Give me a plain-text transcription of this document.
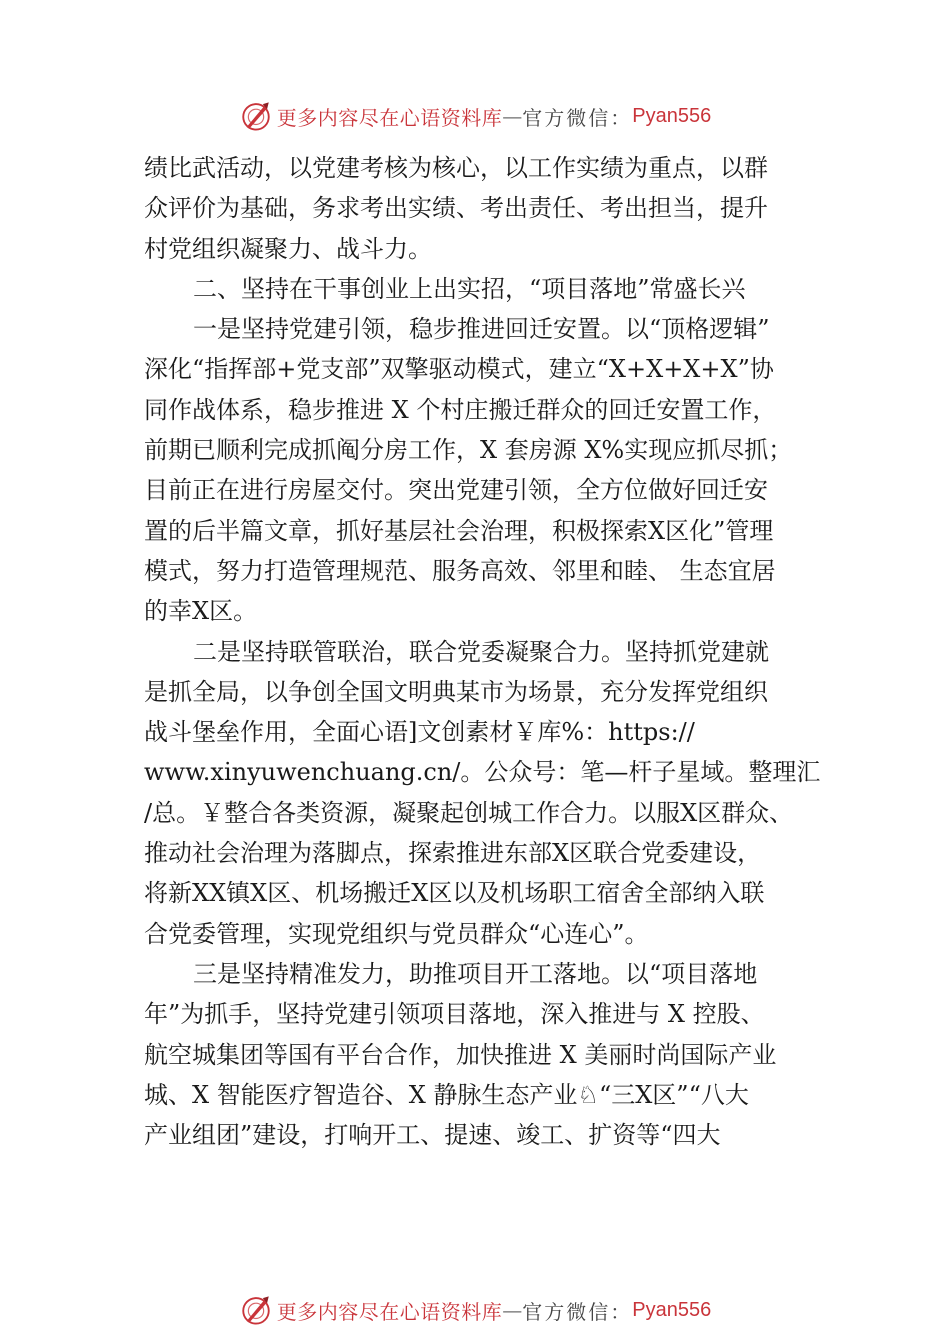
更多内容尽在心语资料库 — 官方微信： Pyan556
绩比武活动，以党建考核为核心，以工作实绩为重点，以群
众评价为基础，务求考出实绩、考出责任、考出担当，提升
村党组织凝聚力、战斗力。
二、坚持在干事创业上出实招，“项目落地”常盛长兴
一是坚持党建引领，稳步推进回迁安置。以“顶格逻辑”
深化“指挥部+党支部”双擎驱动模式，建立“X+X+X+X”协
同作战体系，稳步推进 X 个村庄搬迁群众的回迁安置工作，
前期已顺利完成抓阄分房工作，X 套房源 X%实现应抓尽抓；
目前正在进行房屋交付。突出党建引领，全方位做好回迁安
置的后半篇文章，抓好基层社会治理，积极探索X区化”管理
模式，努力打造管理规范、服务高效、邻里和睦、 生态宜居
的幸X区。
二是坚持联管联治，联合党委凝聚合力。坚持抓党建就
是抓全局，以争创全国文明典某市为场景，充分发挥党组织
战斗堡垒作用，全面心语]文创素材￥库%：https://
www.xinyuwenchuang.cn/。公众号：笔—杆子星域。整理汇
/总。￥整合各类资源，凝聚起创城工作合力。以服X区群众、
推动社会治理为落脚点，探索推进东部X区联合党委建设，
将新XX镇X区、机场搬迁X区以及机场职工宿舍全部纳入联
合党委管理，实现党组织与党员群众“心连心”。
三是坚持精准发力，助推项目开工落地。以“项目落地
年”为抓手，坚持党建引领项目落地，深入推进与 X 控股、
航空城集团等国有平台合作，加快推进 X 美丽时尚国际产业
城、X 智能医疗智造谷、X 静脉生态产业♘“三X区”“八大
产业组团”建设，打响开工、提速、竣工、扩资等“四大
更多内容尽在心语资料库 — 官方微信： Pyan556
